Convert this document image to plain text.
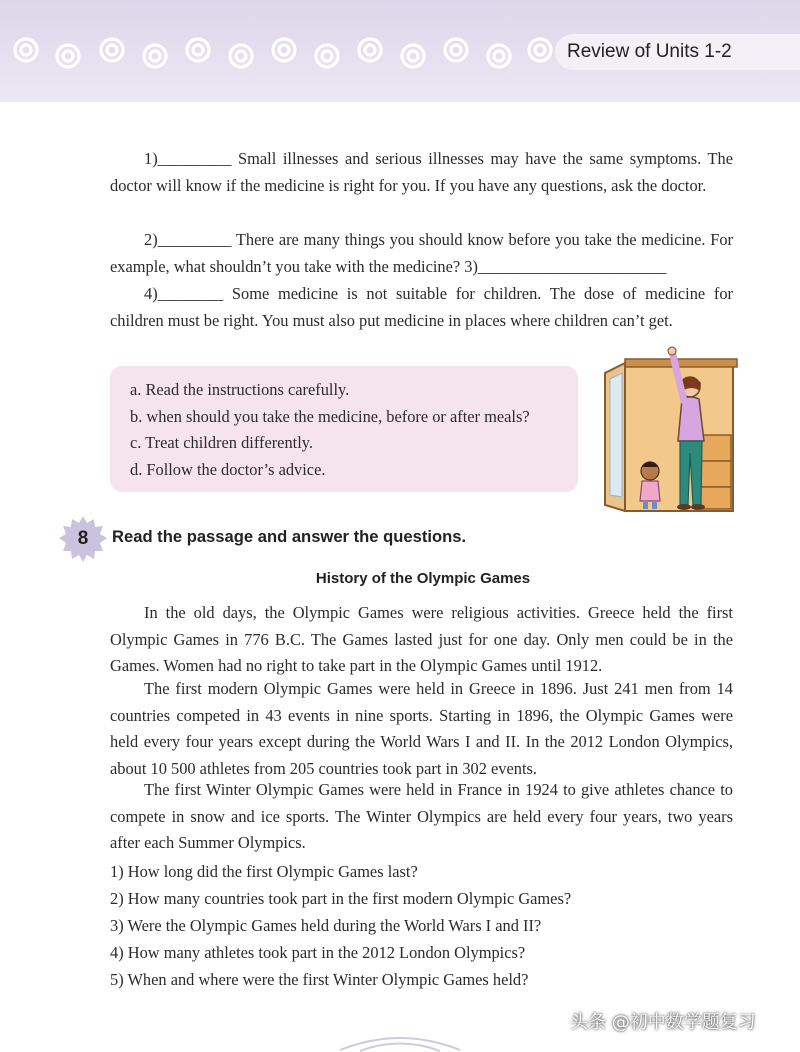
Review of Units 1-2

1)_________ Small illnesses and serious illnesses may have the same symptoms. The doctor will know if the medicine is right for you. If you have any questions, ask the doctor.

2)_________ There are many things you should know before you take the medicine. For example, what shouldn’t you take with the medicine? 3)_______________________

4)________ Some medicine is not suitable for children. The dose of medicine for children must be right. You must also put medicine in places where children can’t get.

a. Read the instructions carefully.
b. when should you take the medicine, before or after meals?
c. Treat children differently.
d. Follow the doctor’s advice.
8	Read the passage and answer the questions.
History of the Olympic Games

In the old days, the Olympic Games were religious activities. Greece held the first Olympic Games in 776 B.C. The Games lasted just for one day. Only men could be in the Games. Women had no right to take part in the Olympic Games until 1912.

The first modern Olympic Games were held in Greece in 1896. Just 241 men from 14 countries competed in 43 events in nine sports. Starting in 1896, the Olympic Games were held every four years except during the World Wars I and II. In the 2012 London Olympics, about 10 500 athletes from 205 countries took part in 302 events.

The first Winter Olympic Games were held in France in 1924 to give athletes chance to compete in snow and ice sports. The Winter Olympics are held every four years, two years after each Summer Olympics.

1) How long did the first Olympic Games last?
2) How many countries took part in the first modern Olympic Games?
3) Were the Olympic Games held during the World Wars I and II?
4) How many athletes took part in the 2012 London Olympics?
5) When and where were the first Winter Olympic Games held?
头条 @初中数学题复习
